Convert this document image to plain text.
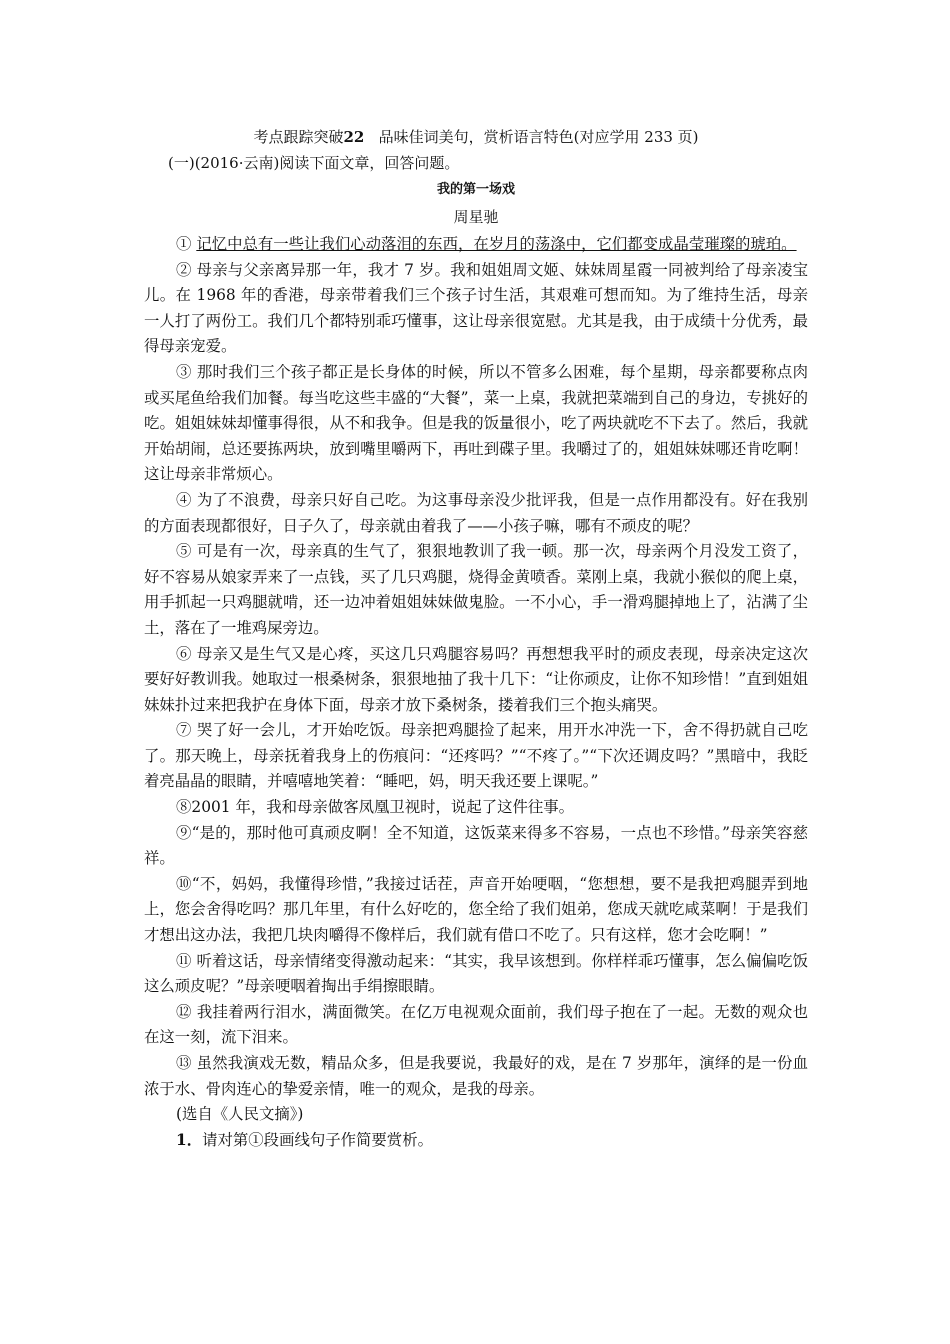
考点跟踪突破22 品味佳词美句，赏析语言特色(对应学用 233 页)
(一)(2016·云南)阅读下面文章，回答问题。
我的第一场戏
周星驰

① 记忆中总有一些让我们心动落泪的东西，在岁月的荡涤中，它们都变成晶莹璀璨的琥珀。

② 母亲与父亲离异那一年，我才 7 岁。我和姐姐周文姬、妹妹周星霞一同被判给了母亲凌宝儿。在 1968 年的香港，母亲带着我们三个孩子讨生活，其艰难可想而知。为了维持生活，母亲一人打了两份工。我们几个都特别乖巧懂事，这让母亲很宽慰。尤其是我，由于成绩十分优秀，最得母亲宠爱。

③ 那时我们三个孩子都正是长身体的时候，所以不管多么困难，每个星期，母亲都要称点肉或买尾鱼给我们加餐。每当吃这些丰盛的“大餐”，菜一上桌，我就把菜端到自己的身边，专挑好的吃。姐姐妹妹却懂事得很，从不和我争。但是我的饭量很小，吃了两块就吃不下去了。然后，我就开始胡闹，总还要拣两块，放到嘴里嚼两下，再吐到碟子里。我嚼过了的，姐姐妹妹哪还肯吃啊！这让母亲非常烦心。

④ 为了不浪费，母亲只好自己吃。为这事母亲没少批评我，但是一点作用都没有。好在我别的方面表现都很好，日子久了，母亲就由着我了——小孩子嘛，哪有不顽皮的呢？

⑤ 可是有一次，母亲真的生气了，狠狠地教训了我一顿。那一次，母亲两个月没发工资了，好不容易从娘家弄来了一点钱，买了几只鸡腿，烧得金黄喷香。菜刚上桌，我就小猴似的爬上桌，用手抓起一只鸡腿就啃，还一边冲着姐姐妹妹做鬼脸。一不小心，手一滑鸡腿掉地上了，沾满了尘土，落在了一堆鸡屎旁边。

⑥ 母亲又是生气又是心疼，买这几只鸡腿容易吗？再想想我平时的顽皮表现，母亲决定这次要好好教训我。她取过一根桑树条，狠狠地抽了我十几下：“让你顽皮，让你不知珍惜！”直到姐姐妹妹扑过来把我护在身体下面，母亲才放下桑树条，搂着我们三个抱头痛哭。

⑦ 哭了好一会儿，才开始吃饭。母亲把鸡腿捡了起来，用开水冲洗一下，舍不得扔就自己吃了。那天晚上，母亲抚着我身上的伤痕问：“还疼吗？”“不疼了。”“下次还调皮吗？”黑暗中，我眨着亮晶晶的眼睛，并嘻嘻地笑着：“睡吧，妈，明天我还要上课呢。”

⑧2001 年，我和母亲做客凤凰卫视时，说起了这件往事。

⑨“是的，那时他可真顽皮啊！全不知道，这饭菜来得多不容易，一点也不珍惜。”母亲笑容慈祥。

⑩“不，妈妈，我懂得珍惜，”我接过话茬，声音开始哽咽，“您想想，要不是我把鸡腿弄到地上，您会舍得吃吗？那几年里，有什么好吃的，您全给了我们姐弟，您成天就吃咸菜啊！于是我们才想出这办法，我把几块肉嚼得不像样后，我们就有借口不吃了。只有这样，您才会吃啊！”

⑪ 听着这话，母亲情绪变得激动起来：“其实，我早该想到。你样样乖巧懂事，怎么偏偏吃饭这么顽皮呢？”母亲哽咽着掏出手绢擦眼睛。

⑫ 我挂着两行泪水，满面微笑。在亿万电视观众面前，我们母子抱在了一起。无数的观众也在这一刻，流下泪来。

⑬ 虽然我演戏无数，精品众多，但是我要说，我最好的戏，是在 7 岁那年，演绎的是一份血浓于水、骨肉连心的挚爱亲情，唯一的观众，是我的母亲。

(选自《人民文摘》)

1．请对第①段画线句子作简要赏析。
